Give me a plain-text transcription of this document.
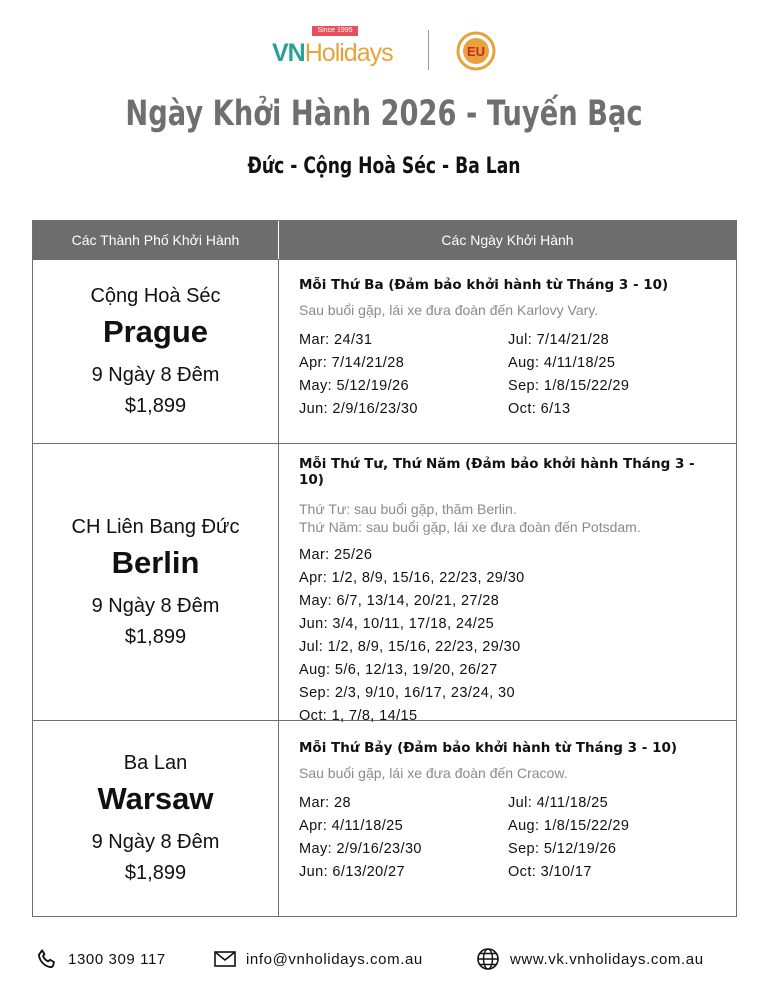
Since 1995
VNHolidays	EU
Ngày Khởi Hành 2026 - Tuyến Bạc
Đức - Cộng Hoà Séc - Ba Lan
Các Thành Phố Khởi Hành	Các Ngày Khởi Hành
Cộng Hoà Séc
Prague
9 Ngày 8 Đêm
$1,899
Mỗi Thứ Ba (Đảm bảo khởi hành từ Tháng 3 - 10)
Sau buổi gặp, lái xe đưa đoàn đến Karlovy Vary.
Mar: 24/31	Jul: 7/14/21/28
Apr: 7/14/21/28	Aug: 4/11/18/25
May: 5/12/19/26	Sep: 1/8/15/22/29
Jun: 2/9/16/23/30	Oct: 6/13
CH Liên Bang Đức
Berlin
9 Ngày 8 Đêm
$1,899
Mỗi Thứ Tư, Thứ Năm (Đảm bảo khởi hành Tháng 3 - 10)
Thứ Tư: sau buổi gặp, thăm Berlin.
Thứ Năm: sau buổi gặp, lái xe đưa đoàn đến Potsdam.
Mar: 25/26
Apr: 1/2, 8/9, 15/16, 22/23, 29/30
May: 6/7, 13/14, 20/21, 27/28
Jun: 3/4, 10/11, 17/18, 24/25
Jul: 1/2, 8/9, 15/16, 22/23, 29/30
Aug: 5/6, 12/13, 19/20, 26/27
Sep: 2/3, 9/10, 16/17, 23/24, 30
Oct: 1, 7/8, 14/15
Ba Lan
Warsaw
9 Ngày 8 Đêm
$1,899
Mỗi Thứ Bảy (Đảm bảo khởi hành từ Tháng 3 - 10)
Sau buổi gặp, lái xe đưa đoàn đến Cracow.
Mar: 28	Jul: 4/11/18/25
Apr: 4/11/18/25	Aug: 1/8/15/22/29
May: 2/9/16/23/30	Sep: 5/12/19/26
Jun: 6/13/20/27	Oct: 3/10/17
1300 309 117	info@vnholidays.com.au	www.vk.vnholidays.com.au
